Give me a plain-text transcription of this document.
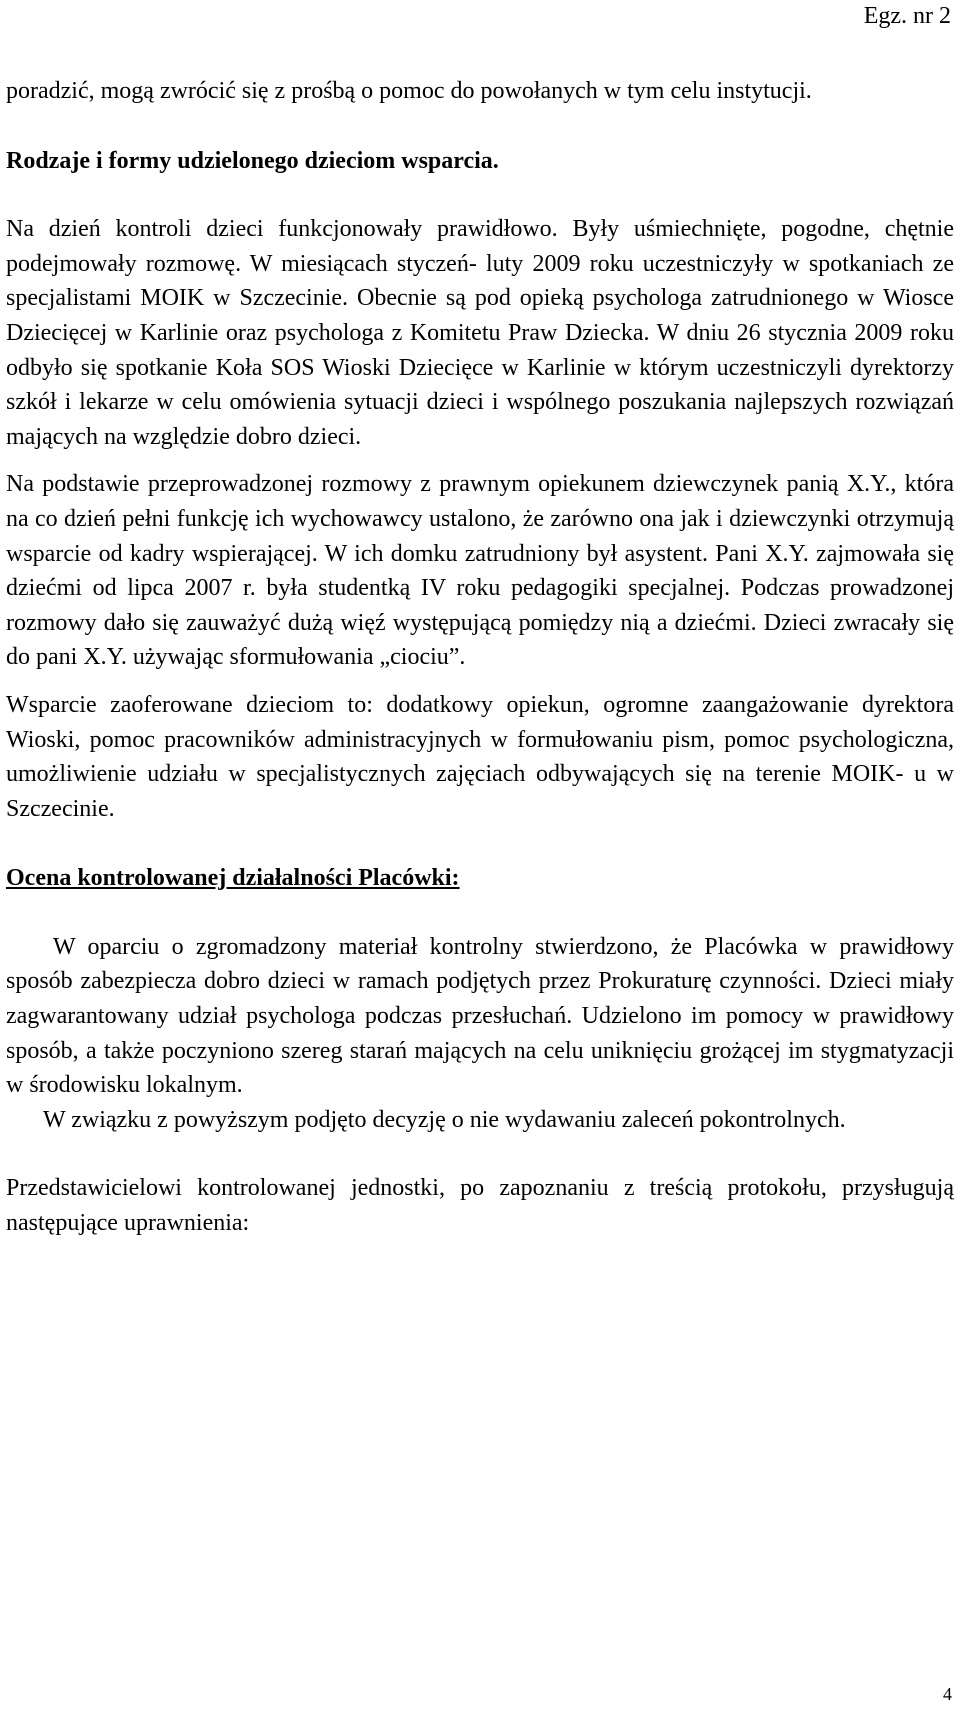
Egz. nr 2

poradzić, mogą zwrócić się z prośbą o pomoc do powołanych w tym celu instytucji.

Rodzaje i formy udzielonego dzieciom wsparcia.

Na dzień kontroli dzieci funkcjonowały prawidłowo. Były uśmiechnięte, pogodne, chętnie podejmowały rozmowę. W miesiącach styczeń- luty 2009 roku uczestniczyły w spotkaniach ze specjalistami MOIK w Szczecinie. Obecnie są pod opieką psychologa zatrudnionego w Wiosce Dziecięcej w Karlinie oraz psychologa z Komitetu Praw Dziecka. W dniu 26 stycznia 2009 roku odbyło się spotkanie Koła SOS Wioski Dziecięce w Karlinie w którym uczestniczyli dyrektorzy szkół i lekarze w celu omówienia sytuacji dzieci i wspólnego poszukania najlepszych rozwiązań mających na względzie dobro dzieci.

Na podstawie przeprowadzonej rozmowy z prawnym opiekunem dziewczynek panią X.Y., która na co dzień pełni funkcję ich wychowawcy ustalono, że zarówno ona jak i dziewczynki otrzymują wsparcie od kadry wspierającej. W ich domku zatrudniony był asystent. Pani X.Y. zajmowała się dziećmi od lipca 2007 r. była studentką IV roku pedagogiki specjalnej. Podczas prowadzonej rozmowy dało się zauważyć dużą więź występującą pomiędzy nią a dziećmi. Dzieci zwracały się do pani X.Y. używając sformułowania „ciociu”.

Wsparcie zaoferowane dzieciom to: dodatkowy opiekun, ogromne zaangażowanie dyrektora Wioski, pomoc pracowników administracyjnych w formułowaniu pism, pomoc psychologiczna, umożliwienie udziału w specjalistycznych zajęciach odbywających się na terenie MOIK- u w Szczecinie.

Ocena kontrolowanej działalności Placówki:

W oparciu o zgromadzony materiał kontrolny stwierdzono, że Placówka w prawidłowy sposób zabezpiecza dobro dzieci w ramach podjętych przez Prokuraturę czynności. Dzieci miały zagwarantowany udział psychologa podczas przesłuchań. Udzielono im pomocy w prawidłowy sposób, a także poczyniono szereg starań mających na celu uniknięciu grożącej im stygmatyzacji w środowisku lokalnym.

W związku z powyższym podjęto decyzję o nie wydawaniu zaleceń pokontrolnych.

Przedstawicielowi kontrolowanej jednostki, po zapoznaniu z treścią protokołu, przysługują następujące uprawnienia:

4
